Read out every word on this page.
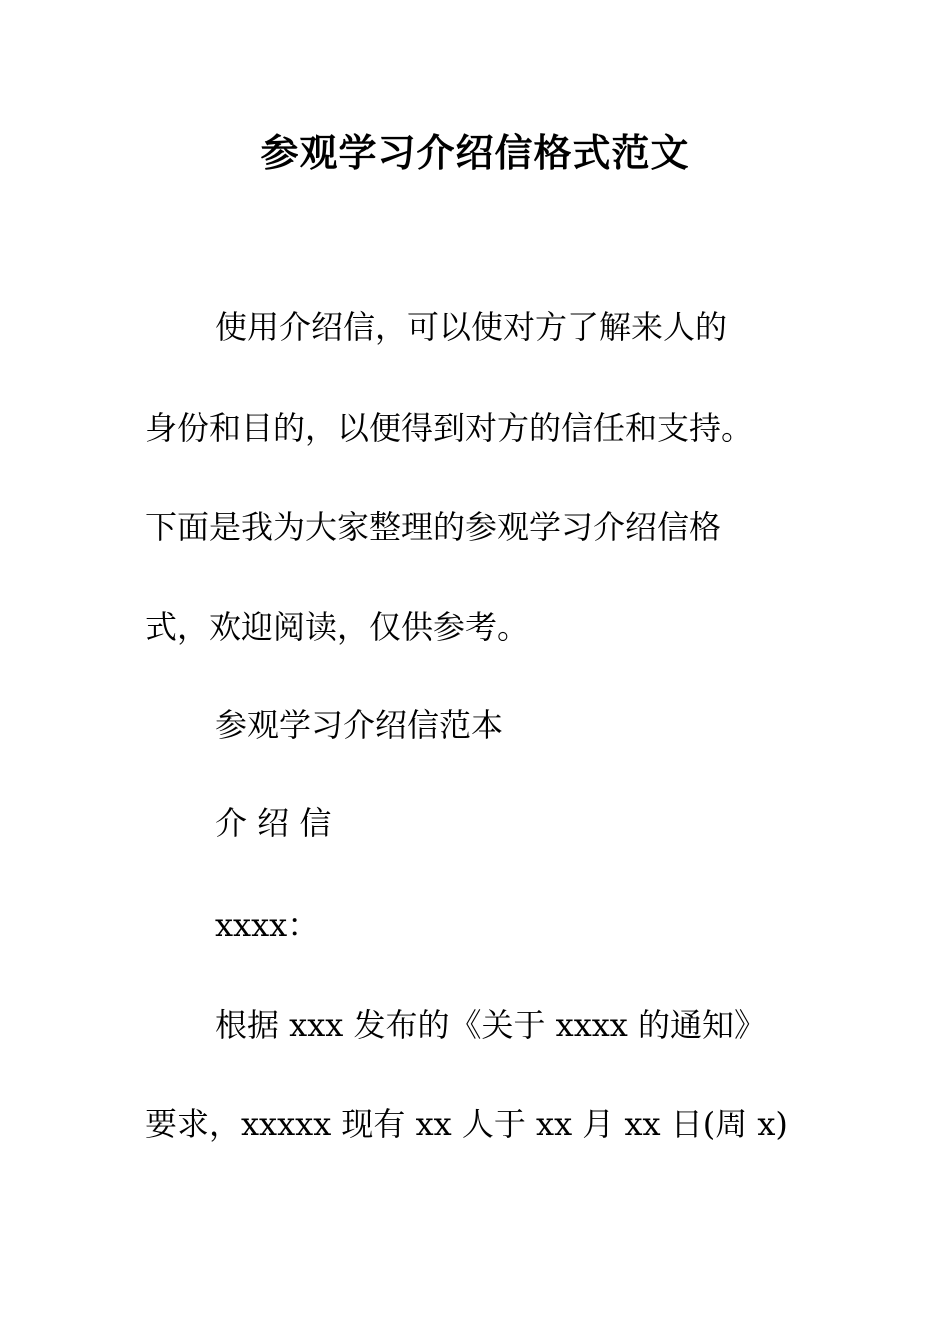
参观学习介绍信格式范文
使用介绍信，可以使对方了解来人的
身份和目的，以便得到对方的信任和支持。
下面是我为大家整理的参观学习介绍信格
式，欢迎阅读，仅供参考。
参观学习介绍信范本
介 绍 信
xxxx：
根据 xxx 发布的《关于 xxxx 的通知》
要求，xxxxx 现有 xx 人于 xx 月 xx 日(周 x)
